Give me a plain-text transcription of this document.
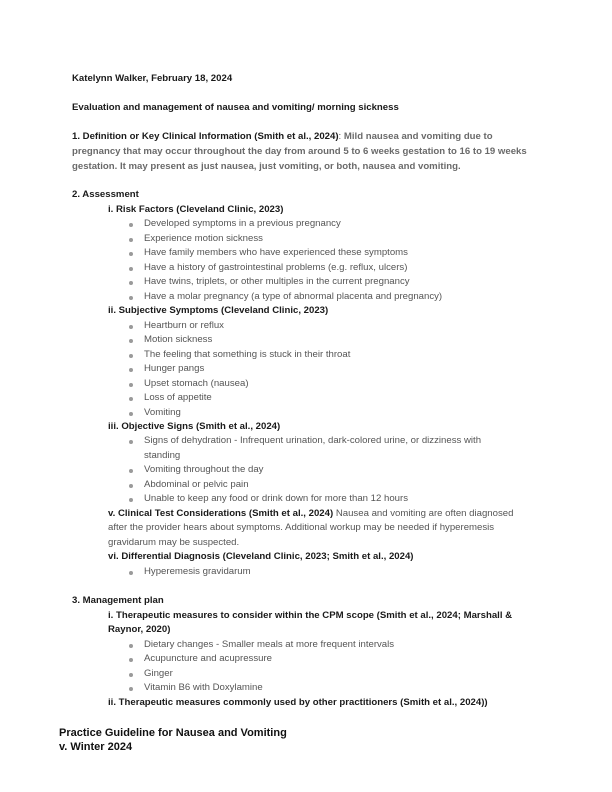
Katelynn Walker, February 18, 2024
Evaluation and management of nausea and vomiting/ morning sickness
1. Definition or Key Clinical Information (Smith et al., 2024): Mild nausea and vomiting due to
pregnancy that may occur throughout the day from around 5 to 6 weeks gestation to 16 to 19 weeks
gestation. It may present as just nausea, just vomiting, or both, nausea and vomiting.
2. Assessment
i. Risk Factors (Cleveland Clinic, 2023)
Developed symptoms in a previous pregnancy
Experience motion sickness
Have family members who have experienced these symptoms
Have a history of gastrointestinal problems (e.g. reflux, ulcers)
Have twins, triplets, or other multiples in the current pregnancy
Have a molar pregnancy (a type of abnormal placenta and pregnancy)
ii. Subjective Symptoms (Cleveland Clinic, 2023)
Heartburn or reflux
Motion sickness
The feeling that something is stuck in their throat
Hunger pangs
Upset stomach (nausea)
Loss of appetite
Vomiting
iii. Objective Signs (Smith et al., 2024)
Signs of dehydration - Infrequent urination, dark-colored urine, or dizziness with
standing
Vomiting throughout the day
Abdominal or pelvic pain
Unable to keep any food or drink down for more than 12 hours
v. Clinical Test Considerations (Smith et al., 2024) Nausea and vomiting are often diagnosed
after the provider hears about symptoms. Additional workup may be needed if hyperemesis
gravidarum may be suspected.
vi. Differential Diagnosis (Cleveland Clinic, 2023; Smith et al., 2024)
Hyperemesis gravidarum
3. Management plan
i. Therapeutic measures to consider within the CPM scope (Smith et al., 2024; Marshall &
Raynor, 2020)
Dietary changes - Smaller meals at more frequent intervals
Acupuncture and acupressure
Ginger
Vitamin B6 with Doxylamine
ii. Therapeutic measures commonly used by other practitioners (Smith et al., 2024))
Practice Guideline for Nausea and Vomiting
v. Winter 2024
